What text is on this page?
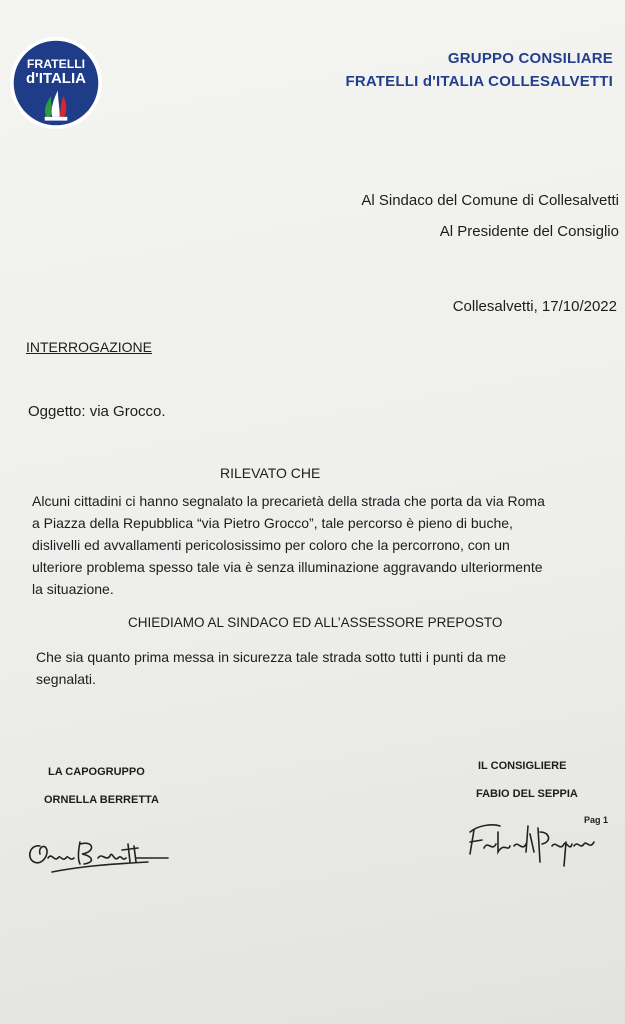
FRATELLI
d'ITALIA
GRUPPO CONSILIARE
FRATELLI d'ITALIA COLLESALVETTI
Al Sindaco del Comune di Collesalvetti
Al Presidente del Consiglio
Collesalvetti, 17/10/2022
INTERROGAZIONE
Oggetto: via Grocco.
RILEVATO CHE
Alcuni cittadini ci hanno segnalato la precarietà della strada che porta da via Roma
a Piazza della Repubblica “via Pietro Grocco”, tale percorso è pieno di buche,
dislivelli ed avvallamenti pericolosissimo per coloro che la percorrono, con un
ulteriore problema spesso tale via è senza illuminazione aggravando ulteriormente
la situazione.
CHIEDIAMO AL SINDACO ED ALL’ASSESSORE PREPOSTO
Che sia quanto prima messa in sicurezza tale strada sotto tutti i punti da me
segnalati.
LA CAPOGRUPPO
ORNELLA BERRETTA
IL CONSIGLIERE
FABIO DEL SEPPIA
Pag 1
